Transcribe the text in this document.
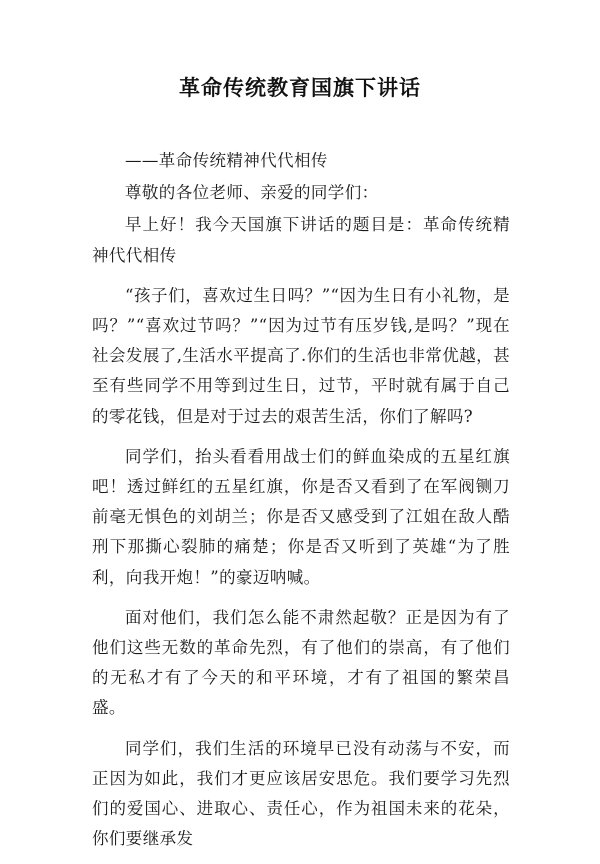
革命传统教育国旗下讲话

——革命传统精神代代相传

尊敬的各位老师、亲爱的同学们：

早上好！我今天国旗下讲话的题目是：革命传统精神代代相传

“孩子们，喜欢过生日吗？”“因为生日有小礼物，是吗？”“喜欢过节吗？”“因为过节有压岁钱,是吗？”现在社会发展了,生活水平提高了.你们的生活也非常优越，甚至有些同学不用等到过生日，过节，平时就有属于自己的零花钱，但是对于过去的艰苦生活，你们了解吗?

同学们，抬头看看用战士们的鲜血染成的五星红旗吧！透过鲜红的五星红旗，你是否又看到了在军阀铡刀前毫无惧色的刘胡兰；你是否又感受到了江姐在敌人酷刑下那撕心裂肺的痛楚；你是否又听到了英雄“为了胜利，向我开炮！”的豪迈呐喊。

面对他们，我们怎么能不肃然起敬？正是因为有了他们这些无数的革命先烈，有了他们的崇高，有了他们的无私才有了今天的和平环境，才有了祖国的繁荣昌盛。

同学们，我们生活的环境早已没有动荡与不安，而正因为如此，我们才更应该居安思危。我们要学习先烈们的爱国心、进取心、责任心，作为祖国未来的花朵，你们要继承发
